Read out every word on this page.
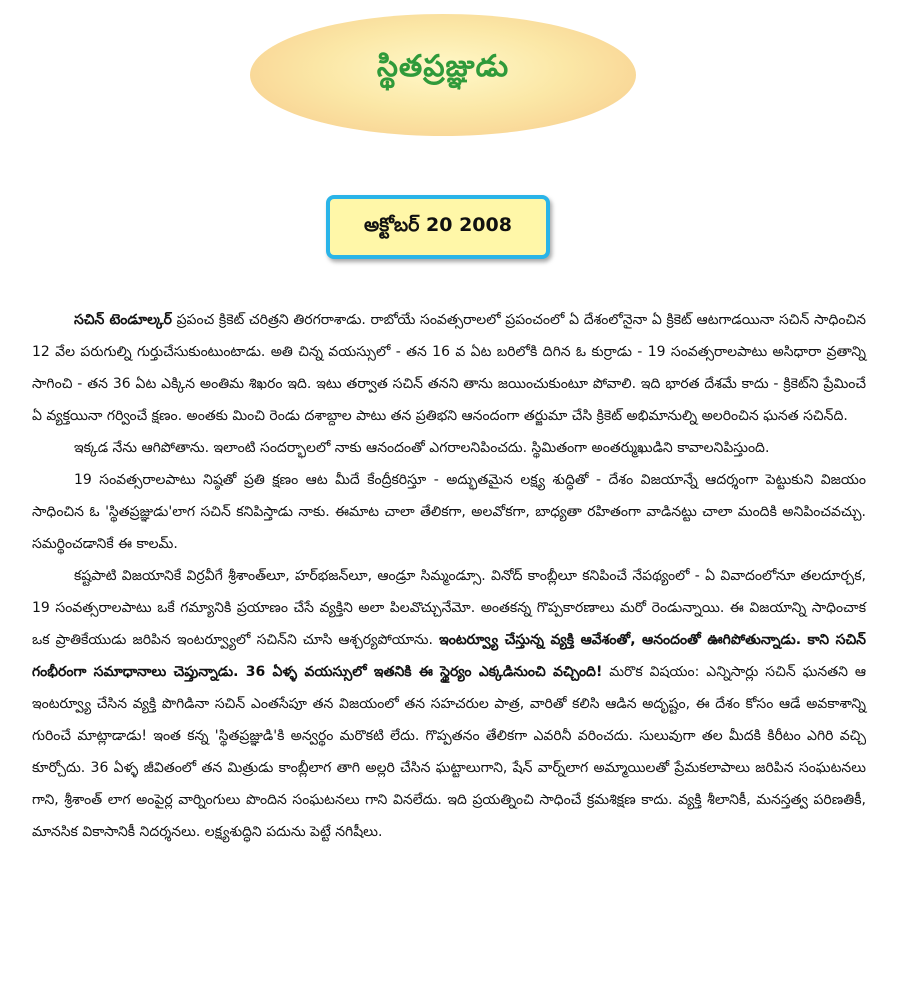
స్థితప్రజ్ఞుడు
అక్టోబర్ 20 2008

సచిన్ టెండూల్కర్ ప్రపంచ క్రికెట్ చరిత్రని తిరగరాశాడు. రాబోయే సంవత్సరాలలో ప్రపంచంలో ఏ దేశంలోనైనా ఏ క్రికెట్ ఆటగాడయినా సచిన్ సాధించిన 12 వేల పరుగుల్ని గుర్తుచేసుకుంటుంటాడు. అతి చిన్న వయస్సులో - తన 16 వ ఏట బరిలోకి దిగిన ఓ కుర్రాడు - 19 సంవత్సరాలపాటు అసిధారా వ్రతాన్ని సాగించి - తన 36 ఏట ఎక్కిన అంతిమ శిఖరం ఇది. ఇటు తర్వాత సచిన్ తనని తాను జయించుకుంటూ పోవాలి. ఇది భారత దేశమే కాదు - క్రికెట్‌ని ప్రేమించే ఏ వ్యక్తయినా గర్వించే క్షణం. అంతకు మించి రెండు దశాబ్దాల పాటు తన ప్రతిభని ఆనందంగా తర్జుమా చేసి క్రికెట్ అభిమానుల్ని అలరించిన ఘనత సచిన్‌ది.

ఇక్కడ నేను ఆగిపోతాను. ఇలాంటి సందర్భాలలో నాకు ఆనందంతో ఎగరాలనిపించదు. స్థిమితంగా అంతర్ముఖుడిని కావాలనిపిస్తుంది.

19 సంవత్సరాలపాటు నిష్ఠతో ప్రతి క్షణం ఆట మీదే కేంద్రీకరిస్తూ - అద్భుతమైన లక్ష్య శుద్ధితో - దేశం విజయాన్నే ఆదర్శంగా పెట్టుకుని విజయం సాధించిన ఓ 'స్థితప్రజ్ఞుడు'లాగ సచిన్ కనిపిస్తాడు నాకు. ఈమాట చాలా తేలికగా, అలవోకగా, బాధ్యతా రహితంగా వాడినట్టు చాలా మందికి అనిపించవచ్చు. సమర్థించడానికే ఈ కాలమ్.

కష్టపాటి విజయానికే విర్రవీగే శ్రీశాంత్‌లూ, హర్‌భజన్‌లూ, ఆండ్రూ సిమ్మండ్సూ. వినోద్ కాంబ్లీలూ కనిపించే నేపథ్యంలో - ఏ వివాదంలోనూ తలదూర్చక, 19 సంవత్సరాలపాటు ఒకే గమ్యానికి ప్రయాణం చేసే వ్యక్తిని అలా పిలవొచ్చునేమో. అంతకన్న గొప్పకారణాలు మరో రెండున్నాయి. ఈ విజయాన్ని సాధించాక ఒక ప్రాతికేయుడు జరిపిన ఇంటర్వ్యూలో సచిన్‌ని చూసి ఆశ్చర్యపోయాను. ఇంటర్వ్యూ చేస్తున్న వ్యక్తి ఆవేశంతో, ఆనందంతో ఊగిపోతున్నాడు. కాని సచిన్ గంభీరంగా సమాధానాలు చెప్తున్నాడు. 36 ఏళ్ళ వయస్సులో ఇతనికి ఈ స్థైర్యం ఎక్కడినుంచి వచ్చింది! మరొక విషయం: ఎన్నిసార్లు సచిన్ ఘనతని ఆ ఇంటర్వ్యూ చేసిన వ్యక్తి పొగిడినా సచిన్ ఎంతసేపూ తన విజయంలో తన సహచరుల పాత్ర, వారితో కలిసి ఆడిన అదృష్టం, ఈ దేశం కోసం ఆడే అవకాశాన్ని గురించే మాట్లాడాడు! ఇంత కన్న 'స్థితప్రజ్ఞుడి'కి అన్వర్థం మరొకటి లేదు. గొప్పతనం తేలికగా ఎవరినీ వరించదు. సులువుగా తల మీదకి కిరీటం ఎగిరి వచ్చి కూర్చోదు. 36 ఏళ్ళ జీవితంలో తన మిత్రుడు కాంబ్లీలాగ తాగి అల్లరి చేసిన ఘట్టాలుగాని, షేన్ వార్న్‌లాగ అమ్మాయిలతో ప్రేమకలాపాలు జరిపిన సంఘటనలు గాని, శ్రీశాంత్ లాగ అంపైర్ల వార్నింగులు పొందిన సంఘటనలు గాని వినలేదు. ఇది ప్రయత్నించి సాధించే క్రమశిక్షణ కాదు. వ్యక్తి శీలానికీ, మనస్తత్వ పరిణతికీ, మానసిక వికాసానికీ నిదర్శనలు. లక్ష్యశుద్ధిని పదును పెట్టే నగిషీలు.
